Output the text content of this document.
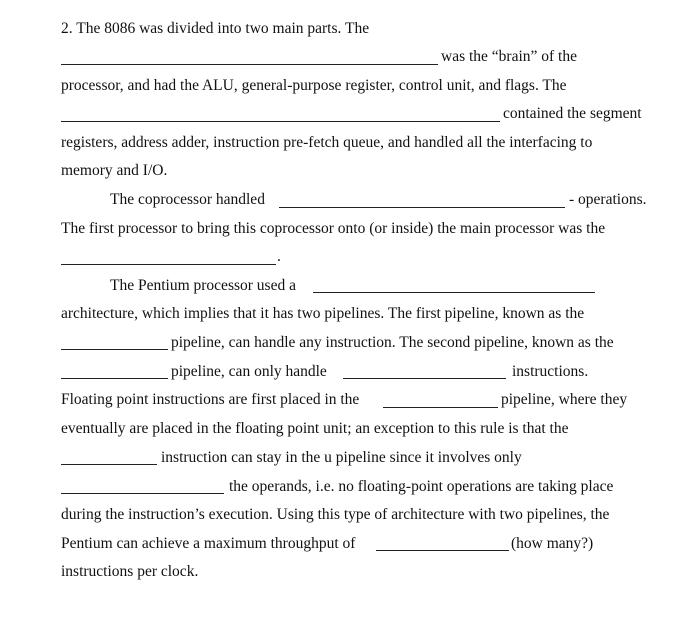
2. The 8086 was divided into two main parts. The
was the “brain” of the
processor, and had the ALU, general-purpose register, control unit, and flags. The
contained the segment
registers, address adder, instruction pre-fetch queue, and handled all the interfacing to
memory and I/O.
The coprocessor handled	- operations.
The first processor to bring this coprocessor onto (or inside) the main processor was the
.
The Pentium processor used a
architecture, which implies that it has two pipelines. The first pipeline, known as the
pipeline, can handle any instruction. The second pipeline, known as the
pipeline, can only handle	instructions.
Floating point instructions are first placed in the	pipeline, where they
eventually are placed in the floating point unit; an exception to this rule is that the
instruction can stay in the u pipeline since it involves only
the operands, i.e. no floating-point operations are taking place
during the instruction’s execution. Using this type of architecture with two pipelines, the
Pentium can achieve a maximum throughput of	(how many?)
instructions per clock.
